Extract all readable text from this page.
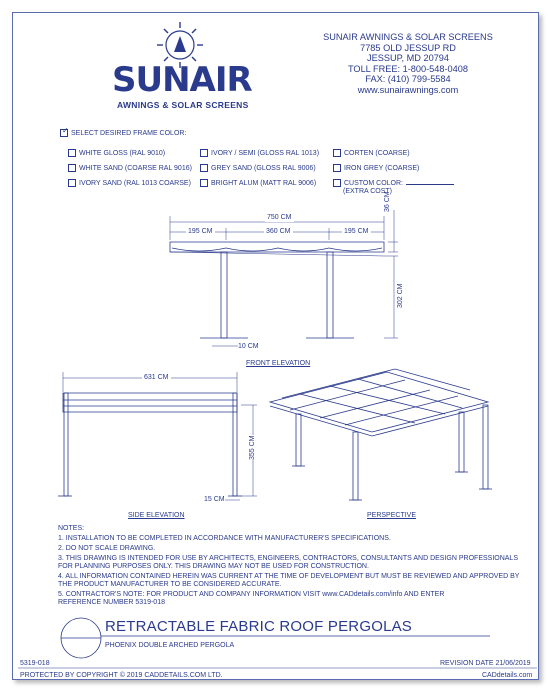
SUNAIR
AWNINGS & SOLAR SCREENS
SUNAIR AWNINGS & SOLAR SCREENS
7785 OLD JESSUP RD
JESSUP, MD 20794
TOLL FREE: 1-800-548-0408
FAX: (410) 799-5584
www.sunairawnings.com
✓ SELECT DESIRED FRAME COLOR:
WHITE GLOSS (RAL 9010)	IVORY / SEMI (GLOSS RAL 1013)	CORTEN (COARSE)
WHITE SAND (COARSE RAL 9016)	GREY SAND (GLOSS RAL 9006)	IRON GREY (COARSE)
IVORY SAND (RAL 1013 COARSE)	BRIGHT ALUM (MATT RAL 9006)	CUSTOM COLOR:
(EXTRA COST)
750 CM
195 CM	360 CM	195 CM
36 CM
302 CM
10 CM
FRONT ELEVATION
631 CM
355 CM
15 CM
SIDE ELEVATION	PERSPECTIVE
NOTES:
1. INSTALLATION TO BE COMPLETED IN ACCORDANCE WITH MANUFACTURER'S SPECIFICATIONS.
2. DO NOT SCALE DRAWING.
3. THIS DRAWING IS INTENDED FOR USE BY ARCHITECTS, ENGINEERS, CONTRACTORS, CONSULTANTS AND DESIGN PROFESSIONALS
FOR PLANNING PURPOSES ONLY. THIS DRAWING MAY NOT BE USED FOR CONSTRUCTION.
4. ALL INFORMATION CONTAINED HEREIN WAS CURRENT AT THE TIME OF DEVELOPMENT BUT MUST BE REVIEWED AND APPROVED BY
THE PRODUCT MANUFACTURER TO BE CONSIDERED ACCURATE.
5. CONTRACTOR'S NOTE: FOR PRODUCT AND COMPANY INFORMATION VISIT www.CADdetails.com/info AND ENTER
REFERENCE NUMBER 5319-018
RETRACTABLE FABRIC ROOF PERGOLAS
PHOENIX DOUBLE ARCHED PERGOLA
5319-018	REVISION DATE 21/06/2019
PROTECTED BY COPYRIGHT © 2019 CADDETAILS.COM LTD.	CADdetails.com
